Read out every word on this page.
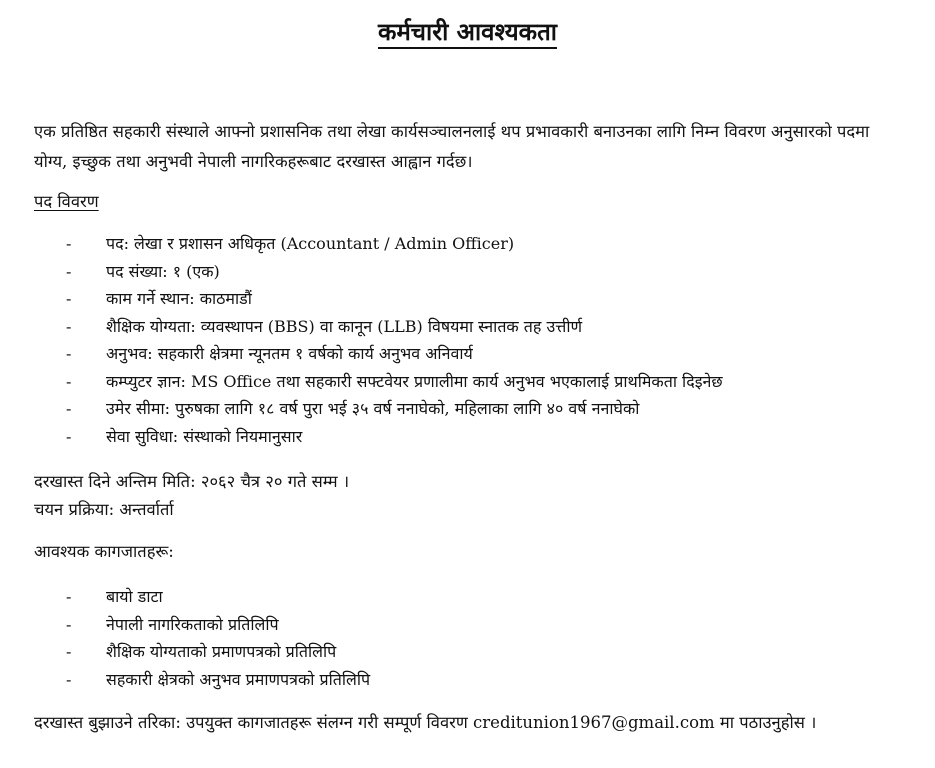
कर्मचारी आवश्यकता

एक प्रतिष्ठित सहकारी संस्थाले आफ्नो प्रशासनिक तथा लेखा कार्यसञ्चालनलाई थप प्रभावकारी बनाउनका लागि निम्न विवरण अनुसारको पदमा योग्य, इच्छुक तथा अनुभवी नेपाली नागरिकहरूबाट दरखास्त आह्वान गर्दछ।

पद विवरण

-	पद: लेखा र प्रशासन अधिकृत (Accountant / Admin Officer)
-	पद संख्या: १ (एक)
-	काम गर्ने स्थान: काठमाडौं
-	शैक्षिक योग्यता: व्यवस्थापन (BBS) वा कानून (LLB) विषयमा स्नातक तह उत्तीर्ण
-	अनुभव: सहकारी क्षेत्रमा न्यूनतम १ वर्षको कार्य अनुभव अनिवार्य
-	कम्प्युटर ज्ञान: MS Office तथा सहकारी सफ्टवेयर प्रणालीमा कार्य अनुभव भएकालाई प्राथमिकता दिइनेछ
-	उमेर सीमा: पुरुषका लागि १८ वर्ष पुरा भई ३५ वर्ष ननाघेको, महिलाका लागि ४० वर्ष ननाघेको
-	सेवा सुविधा: संस्थाको नियमानुसार

दरखास्त दिने अन्तिम मिति: २०६२ चैत्र २० गते सम्म ।

चयन प्रक्रिया: अन्तर्वार्ता

आवश्यक कागजातहरू:

-	बायो डाटा
-	नेपाली नागरिकताको प्रतिलिपि
-	शैक्षिक योग्यताको प्रमाणपत्रको प्रतिलिपि
-	सहकारी क्षेत्रको अनुभव प्रमाणपत्रको प्रतिलिपि

दरखास्त बुझाउने तरिका: उपयुक्त कागजातहरू संलग्न गरी सम्पूर्ण विवरण creditunion1967@gmail.com मा पठाउनुहोस ।
